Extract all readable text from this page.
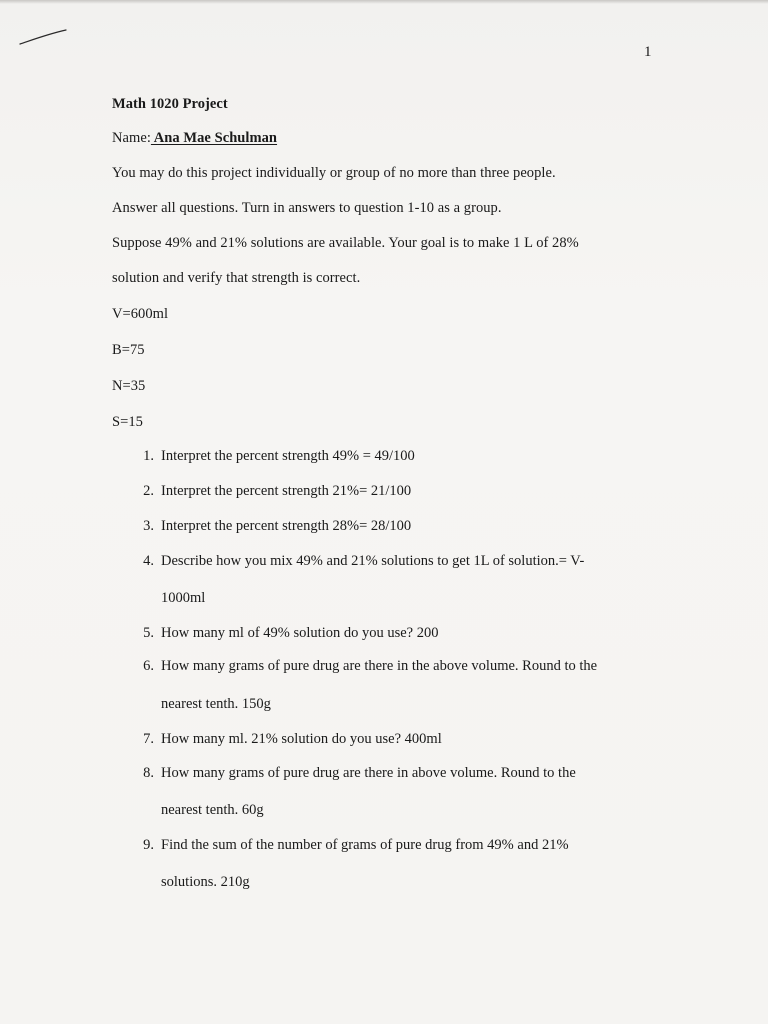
1
Math 1020 Project
Name: Ana Mae Schulman
You may do this project individually or group of no more than three people.
Answer all questions. Turn in answers to question 1-10 as a group.
Suppose 49% and 21% solutions are available. Your goal is to make 1 L of 28%
solution and verify that strength is correct.
V=600ml
B=75
N=35
S=15
1. Interpret the percent strength 49% = 49/100
2. Interpret the percent strength 21%= 21/100
3. Interpret the percent strength 28%= 28/100
4. Describe how you mix 49% and 21% solutions to get 1L of solution.= V-
1000ml
5. How many ml of 49% solution do you use? 200
6. How many grams of pure drug are there in the above volume. Round to the
nearest tenth. 150g
7. How many ml. 21% solution do you use? 400ml
8. How many grams of pure drug are there in above volume. Round to the
nearest tenth. 60g
9. Find the sum of the number of grams of pure drug from 49% and 21%
solutions. 210g
